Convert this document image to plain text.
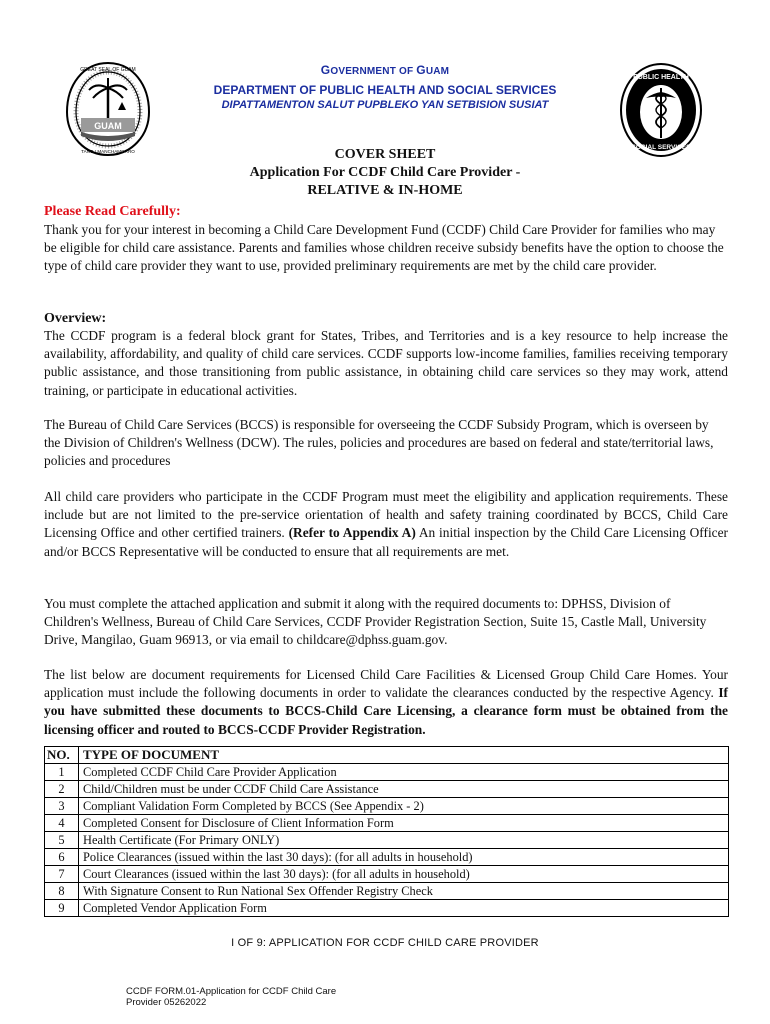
GUAM
GREAT SEAL OF GUAM
TANO I MANCHAMORRO
PUBLIC HEALTH
SOCIAL SERVICES
GOVERNMENT OF GUAM
DEPARTMENT OF PUBLIC HEALTH AND SOCIAL SERVICES
DIPATTAMENTON SALUT PUPBLEKO YAN SETBISION SUSIAT
COVER SHEET
Application For CCDF Child Care Provider -
RELATIVE & IN-HOME
Please Read Carefully:
Thank you for your interest in becoming a Child Care Development Fund (CCDF) Child Care Provider for families who may be eligible for child care assistance. Parents and families whose children receive subsidy benefits have the option to choose the type of child care provider they want to use, provided preliminary requirements are met by the child care provider.
Overview:
The CCDF program is a federal block grant for States, Tribes, and Territories and is a key resource to help increase the availability, affordability, and quality of child care services. CCDF supports low-income families, families receiving temporary public assistance, and those transitioning from public assistance, in obtaining child care services so they may work, attend training, or participate in educational activities.
The Bureau of Child Care Services (BCCS) is responsible for overseeing the CCDF Subsidy Program, which is overseen by the Division of Children's Wellness (DCW). The rules, policies and procedures are based on federal and state/territorial laws, policies and procedures
All child care providers who participate in the CCDF Program must meet the eligibility and application requirements. These include but are not limited to the pre-service orientation of health and safety training coordinated by BCCS, Child Care Licensing Office and other certified trainers. (Refer to Appendix A) An initial inspection by the Child Care Licensing Officer and/or BCCS Representative will be conducted to ensure that all requirements are met.
You must complete the attached application and submit it along with the required documents to: DPHSS, Division of Children's Wellness, Bureau of Child Care Services, CCDF Provider Registration Section, Suite 15, Castle Mall, University Drive, Mangilao, Guam 96913, or via email to childcare@dphss.guam.gov.
The list below are document requirements for Licensed Child Care Facilities & Licensed Group Child Care Homes. Your application must include the following documents in order to validate the clearances conducted by the respective Agency. If you have submitted these documents to BCCS-Child Care Licensing, a clearance form must be obtained from the licensing officer and routed to BCCS-CCDF Provider Registration.
NO.	TYPE OF DOCUMENT
1	Completed CCDF Child Care Provider Application
2	Child/Children must be under CCDF Child Care Assistance
3	Compliant Validation Form Completed by BCCS (See Appendix - 2)
4	Completed Consent for Disclosure of Client Information Form
5	Health Certificate (For Primary ONLY)
6	Police Clearances (issued within the last 30 days): (for all adults in household)
7	Court Clearances (issued within the last 30 days): (for all adults in household)
8	With Signature Consent to Run National Sex Offender Registry Check
9	Completed Vendor Application Form
I OF 9: APPLICATION FOR CCDF CHILD CARE PROVIDER
CCDF FORM.01-Application for CCDF Child Care
Provider 05262022
